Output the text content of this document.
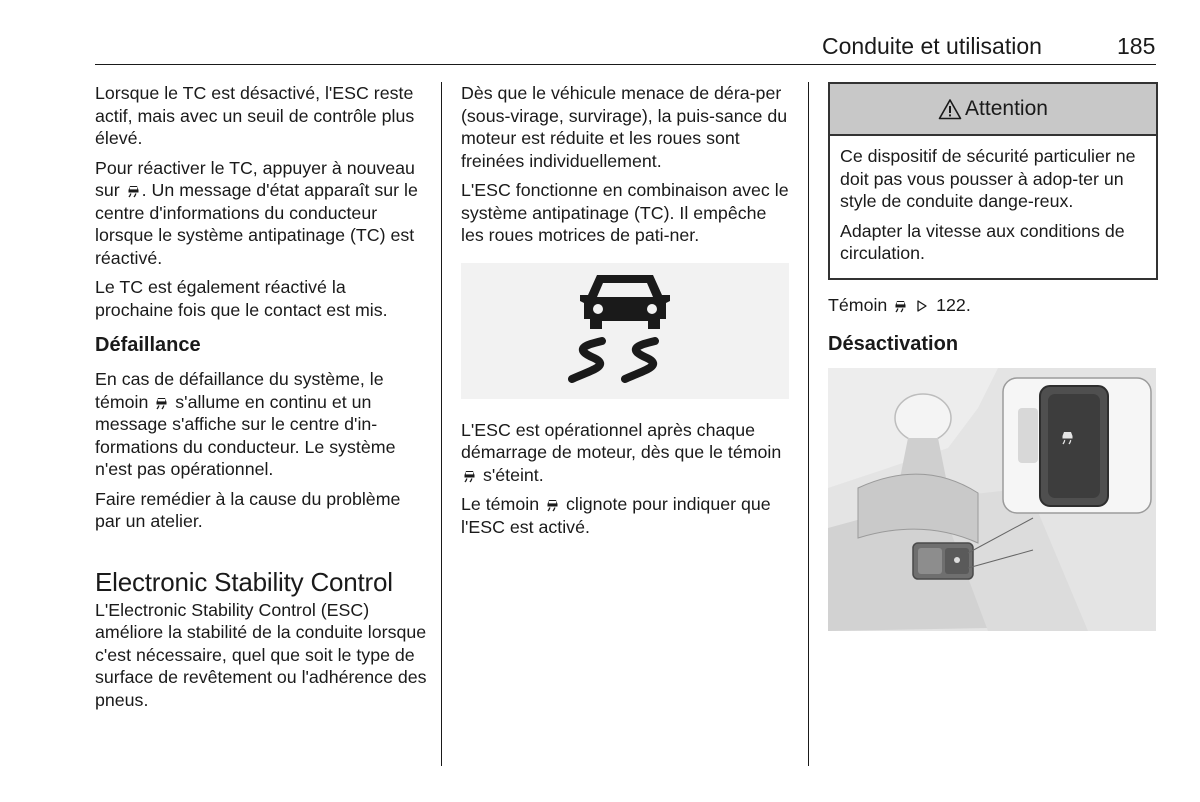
Conduite et utilisation	185

Lorsque le TC est désactivé, l'ESC reste actif, mais avec un seuil de contrôle plus élevé.

Pour réactiver le TC, appuyer à nouveau sur . Un message d'état apparaît sur le centre d'informations du conducteur lorsque le système antipatinage (TC) est réactivé.

Le TC est également réactivé la prochaine fois que le contact est mis.

Défaillance

En cas de défaillance du système, le témoin s'allume en continu et un message s'affiche sur le centre d'in-formations du conducteur. Le système n'est pas opérationnel.

Faire remédier à la cause du problème par un atelier.

Electronic Stability Control

L'Electronic Stability Control (ESC) améliore la stabilité de la conduite lorsque c'est nécessaire, quel que soit le type de surface de revêtement ou l'adhérence des pneus.

Dès que le véhicule menace de déra-per (sous-virage, survirage), la puis-sance du moteur est réduite et les roues sont freinées individuellement.

L'ESC fonctionne en combinaison avec le système antipatinage (TC). Il empêche les roues motrices de pati-ner.

L'ESC est opérationnel après chaque démarrage de moteur, dès que le témoin  s'éteint.

Le témoin clignote pour indiquer que l'ESC est activé.

Attention

Ce dispositif de sécurité particulier ne doit pas vous pousser à adop-ter un style de conduite dange-reux.

Adapter la vitesse aux conditions de circulation.

Témoin	122.

Désactivation
